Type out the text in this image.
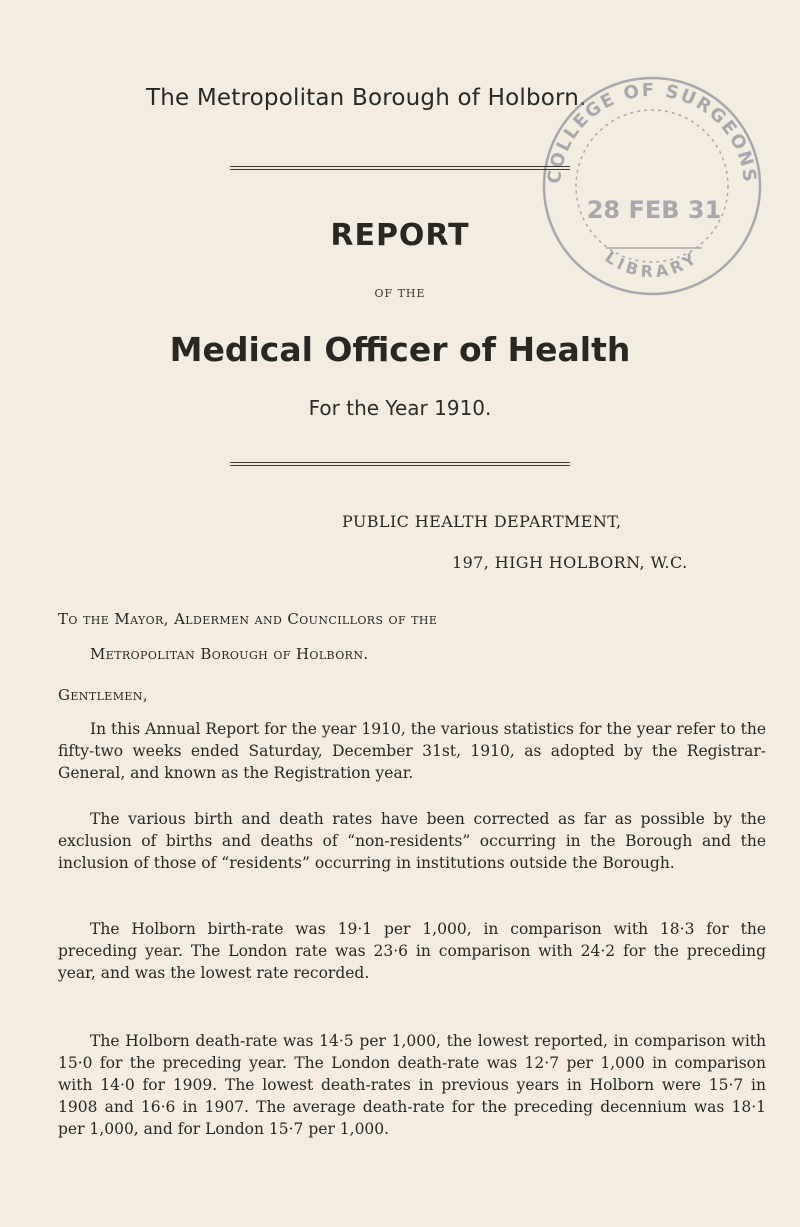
The Metropolitan Borough of Holborn.
COLLEGE OF SURGEONS
LIBRARY
28 FEB 31
REPORT
OF THE
Medical Officer of Health
For the Year 1910.
PUBLIC HEALTH DEPARTMENT,
197, HIGH HOLBORN, W.C.
To the Mayor, Aldermen and Councillors of the
Metropolitan Borough of Holborn.
Gentlemen,

In this Annual Report for the year 1910, the various statistics for the year refer to the fifty-two weeks ended Saturday, December 31st, 1910, as adopted by the Registrar-General, and known as the Registration year.

The various birth and death rates have been corrected as far as possible by the exclusion of births and deaths of “non-residents” occurring in the Borough and the inclusion of those of “residents” occurring in institutions outside the Borough.

The Holborn birth-rate was 19·1 per 1,000, in comparison with 18·3 for the preceding year. The London rate was 23·6 in comparison with 24·2 for the preceding year, and was the lowest rate recorded.

The Holborn death-rate was 14·5 per 1,000, the lowest reported, in comparison with 15·0 for the preceding year. The London death-rate was 12·7 per 1,000 in comparison with 14·0 for 1909. The lowest death-rates in previous years in Holborn were 15·7 in 1908 and 16·6 in 1907. The average death-rate for the preceding decennium was 18·1 per 1,000, and for London 15·7 per 1,000.
